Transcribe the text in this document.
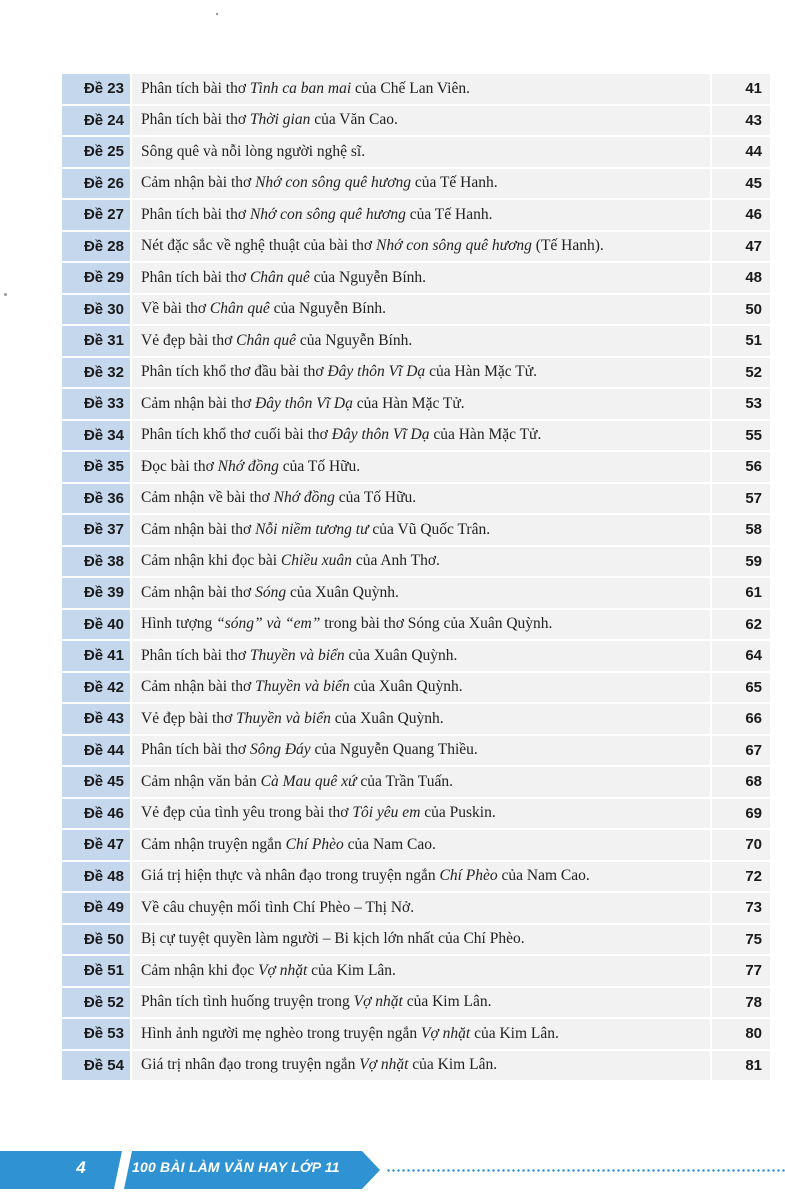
Đề 23	Phân tích bài thơ Tình ca ban mai của Chế Lan Viên.	41
Đề 24	Phân tích bài thơ Thời gian của Văn Cao.	43
Đề 25	Sông quê và nỗi lòng người nghệ sĩ.	44
Đề 26	Cảm nhận bài thơ Nhớ con sông quê hương của Tế Hanh.	45
Đề 27	Phân tích bài thơ Nhớ con sông quê hương của Tế Hanh.	46
Đề 28	Nét đặc sắc về nghệ thuật của bài thơ Nhớ con sông quê hương (Tế Hanh).	47
Đề 29	Phân tích bài thơ Chân quê của Nguyễn Bính.	48
Đề 30	Về bài thơ Chân quê của Nguyễn Bính.	50
Đề 31	Vẻ đẹp bài thơ Chân quê của Nguyễn Bính.	51
Đề 32	Phân tích khổ thơ đầu bài thơ Đây thôn Vĩ Dạ của Hàn Mặc Tử.	52
Đề 33	Cảm nhận bài thơ Đây thôn Vĩ Dạ của Hàn Mặc Tử.	53
Đề 34	Phân tích khổ thơ cuối bài thơ Đây thôn Vĩ Dạ của Hàn Mặc Tử.	55
Đề 35	Đọc bài thơ Nhớ đồng của Tố Hữu.	56
Đề 36	Cảm nhận về bài thơ Nhớ đồng của Tố Hữu.	57
Đề 37	Cảm nhận bài thơ Nỗi niềm tương tư của Vũ Quốc Trân.	58
Đề 38	Cảm nhận khi đọc bài Chiều xuân của Anh Thơ.	59
Đề 39	Cảm nhận bài thơ Sóng của Xuân Quỳnh.	61
Đề 40	Hình tượng “sóng” và “em” trong bài thơ Sóng của Xuân Quỳnh.	62
Đề 41	Phân tích bài thơ Thuyền và biển của Xuân Quỳnh.	64
Đề 42	Cảm nhận bài thơ Thuyền và biển của Xuân Quỳnh.	65
Đề 43	Vẻ đẹp bài thơ Thuyền và biển của Xuân Quỳnh.	66
Đề 44	Phân tích bài thơ Sông Đáy của Nguyễn Quang Thiều.	67
Đề 45	Cảm nhận văn bản Cà Mau quê xứ của Trần Tuấn.	68
Đề 46	Vẻ đẹp của tình yêu trong bài thơ Tôi yêu em của Puskin.	69
Đề 47	Cảm nhận truyện ngắn Chí Phèo của Nam Cao.	70
Đề 48	Giá trị hiện thực và nhân đạo trong truyện ngắn Chí Phèo của Nam Cao.	72
Đề 49	Về câu chuyện mối tình Chí Phèo – Thị Nở.	73
Đề 50	Bị cự tuyệt quyền làm người – Bi kịch lớn nhất của Chí Phèo.	75
Đề 51	Cảm nhận khi đọc Vợ nhặt của Kim Lân.	77
Đề 52	Phân tích tình huống truyện trong Vợ nhặt của Kim Lân.	78
Đề 53	Hình ảnh người mẹ nghèo trong truyện ngắn Vợ nhặt của Kim Lân.	80
Đề 54	Giá trị nhân đạo trong truyện ngắn Vợ nhặt của Kim Lân.	81
4	100 BÀI LÀM VĂN HAY LỚP 11
